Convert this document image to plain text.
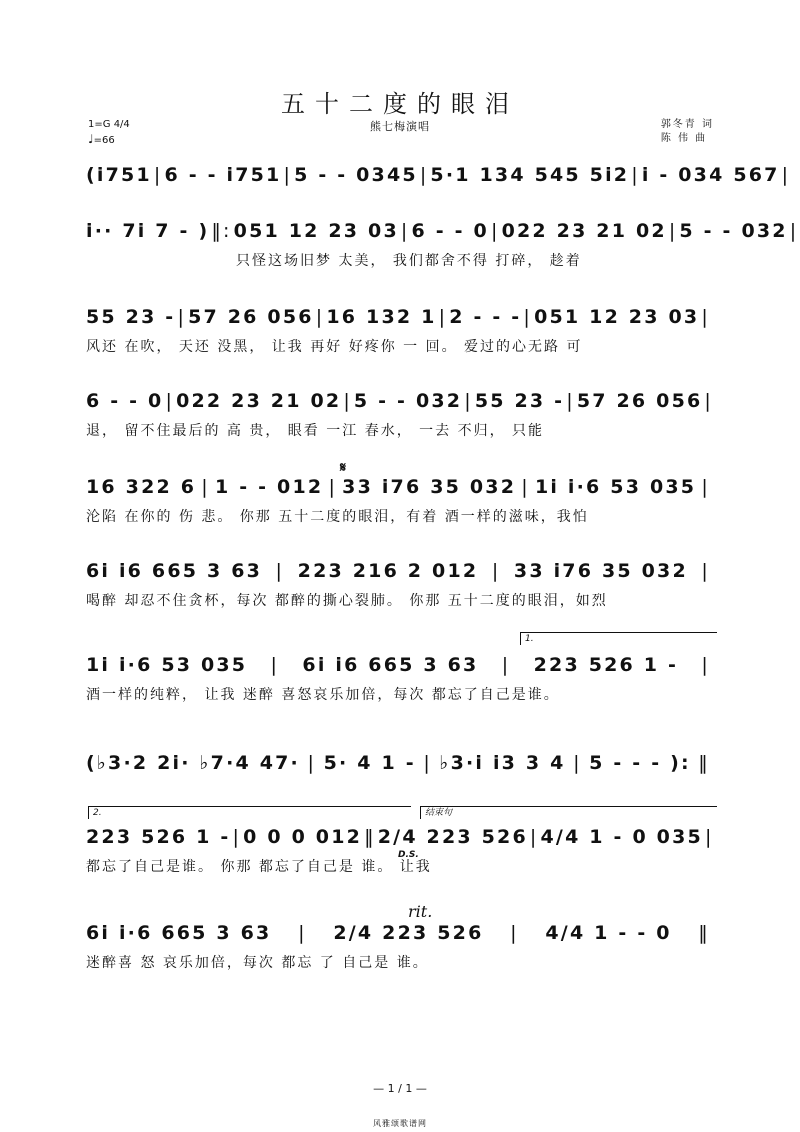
五十二度的眼泪
熊七梅演唱
1=G 4/4
♩=66
郭冬青 词
陈 伟 曲
(i751 | 6 - - i751 | 5 - - 0345 | 5·1 134 545 5i2 | i - 034 567 |
i·· 7i 7 - ) ‖: 051 12 23 03 | 6 - - 0 | 022 23 21 02 | 5 - - 032 |
只怪这场旧梦 太美， 我们都舍不得 打碎， 趁着
55 23 - | 57 26 056 | 16 132 1 | 2 - - - | 051 12 23 03 |
风还 在吹， 天还 没黑， 让我 再好 好疼你 一 回。 爱过的心无路 可
6 - - 0 | 022 23 21 02 | 5 - - 032 | 55 23 - | 57 26 056 |
退， 留不住最后的 高 贵， 眼看 一江 春水， 一去 不归， 只能
𝄋
16 322 6 | 1 - - 012 | 33 i76 35 032 | 1i i·6 53 035 |
沦陷 在你的 伤 悲。 你那 五十二度的眼泪，有着 酒一样的滋味，我怕
6i i6 665 3 63 | 223 216 2 012 | 33 i76 35 032 |
喝醉 却忍不住贪杯，每次 都醉的撕心裂肺。 你那 五十二度的眼泪，如烈
1.
1i i·6 53 035 | 6i i6 665 3 63 | 223 526 1 - |
酒一样的纯粹， 让我 迷醉 喜怒哀乐加倍，每次 都忘了自己是谁。
(♭3·2 2i· ♭7·4 47· | 5· 4 1 - | ♭3·i i3 3 4 | 5 - - - ): ‖
2.	结束句
D.S.
223 526 1 - | 0 0 0 012 ‖ 2/4 223 526 | 4/4 1 - 0 035 |
都忘了自己是谁。 你那 都忘了自己是 谁。 让我
rit.
6i i·6 665 3 63 | 2/4 223 526 | 4/4 1 - - 0 ‖
迷醉喜 怒 哀乐加倍，每次 都忘 了 自己是 谁。
— 1 / 1 —
风雅颂歌谱网
